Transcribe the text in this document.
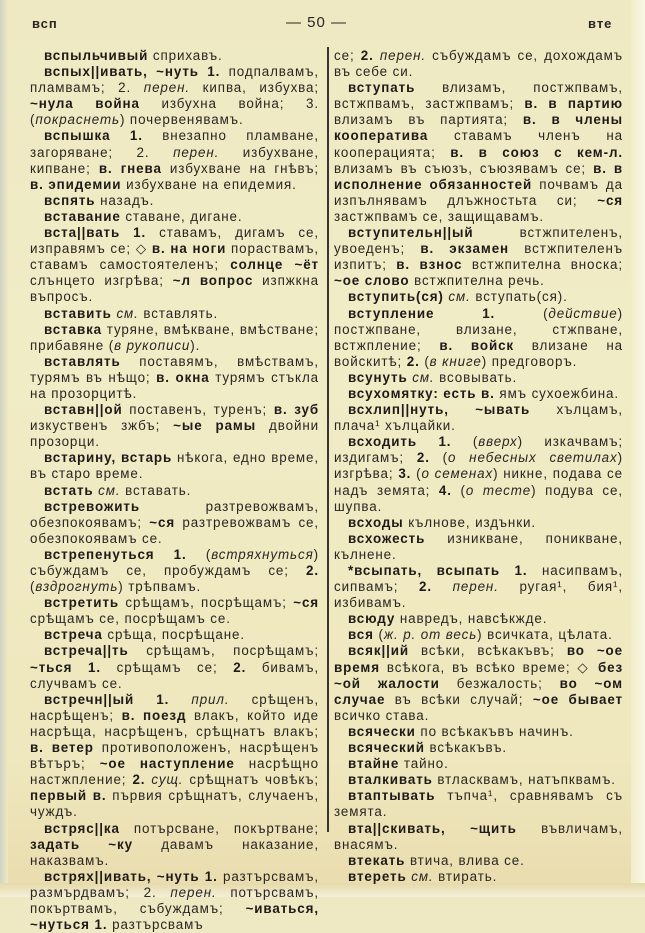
всп	— 50 —	вте

вспыльчивый сприхавъ.

вспых||ивать, ~нуть 1. подпалвамъ, пламвамъ; 2. перен. кипва, избухва; ~нула война избухна война; 3. (покраснеть) почервенявамъ.

вспышка 1. внезапно пламване, загоряване; 2. перен. избухване, кипване; в. гнева избухване на гнѣвъ; в. эпидемии избухване на епидемия.

вспять назадъ.

вставание ставане, дигане.

вста||вать 1. ставамъ, дигамъ се, изправямъ се; ◇ в. на ноги пораствамъ, ставамъ самостоятеленъ; солнце ~ёт слънцето изгрѣва; ~л вопрос изпжкна въпросъ.

вставить см. вставлять.

вставка туряне, вмѣкване, вмѣстване; прибавяне (в рукописи).

вставлять поставямъ, вмѣствамъ, турямъ въ нѣщо; в. окна турямъ стъкла на прозорцитѣ.

вставн||ой поставенъ, туренъ; в. зуб изкуственъ зжбъ; ~ые рамы двойни прозорци.

встарину, встарь нѣкога, едно време, въ старо време.

встать см. вставать.

встревожить	разтревожвамъ, обезпокоявамъ; ~ся разтревожвамъ се, обезпокоявамъ се.

встрепенуться 1. (встряхнуться) събуждамъ се, пробуждамъ се; 2. (вздрогнуть) трѣпвамъ.

встретить срѣщамъ, посрѣщамъ; ~ся срѣщамъ се, посрѣщамъ се.

встреча срѣща, посрѣщане.

встреча||ть срѣщамъ, посрѣщамъ; ~ться 1. срѣщамъ се; 2. бивамъ, случвамъ се.

встречн||ый 1. прил. срѣщенъ, насрѣщенъ; в. поезд влакъ, който иде насрѣща, насрѣщенъ, срѣщнатъ влакъ; в. ветер противоположенъ, насрѣщенъ вѣтъръ; ~ое наступление насрѣщно настжпление; 2. сущ. срѣщнатъ човѣкъ; первый в. първия срѣщнатъ, случаенъ, чуждъ.

встряс||ка потърсване, покъртване; задать ~ку давамъ наказание, наказвамъ.

встрях||ивать, ~нуть 1. разтърсвамъ, размърдвамъ; 2. перен. потърсвамъ, покъртвамъ, събуждамъ; ~иваться, ~нуться 1. разтърсвамъ

се; 2. перен. събуждамъ се, дохождамъ въ себе си.

вступать влизамъ, постжпвамъ, встжпвамъ, застжпвамъ; в. в партию влизамъ въ партията; в. в члены кооператива ставамъ членъ на кооперацията; в. в союз с кем-л. влизамъ въ съюзъ, съюзявамъ се; в. в исполнение обязанностей почвамъ да изпълнявамъ длъжностьта си; ~ся застжпвамъ се, защищавамъ.

вступительн||ый	встжпителенъ, увоеденъ; в. экзамен встжпителенъ изпитъ; в. взнос встжпителна вноска; ~ое слово встжпителна речь.

вступить(ся) см. вступать(ся).

вступление 1.	(действие) постжпване, влизане, стжпване, встжпление; в. войск влизане на войскитѣ; 2. (в книге) предговоръ.

всунуть см. всовывать.

всухомятку: есть в. ямъ сухоежбина.

всхлип||нуть, ~ывать хълцамъ, плача¹ хълцайки.

всходить 1. (вверх) изкачвамъ; издигамъ; 2. (о небесных светилах) изгрѣва; 3. (о семенах) никне, подава се надъ земята; 4. (о тесте) подува се, шупва.

всходы кълнове, издънки.

всхожесть изникване, поникване, кълнене.

*всыпать, всыпать 1. насипвамъ, сипвамъ; 2. перен. ругая¹, бия¹, избивамъ.

всюду навредъ, навсѣкжде.

вся (ж. р. от весь) всичката, цѣлата.

всяк||ий всѣки, всѣкакъвъ; во ~ое время всѣкога, въ всѣко време; ◇ без ~ой жалости безжалость; во ~ом случае въ всѣки случай; ~ое бывает всичко става.

всячески по всѣкакъвъ начинъ.

всяческий всѣкакъвъ.

втайне тайно.

вталкивать втласквамъ, натъпквамъ.

втаптывать тъпча¹, сравнявамъ съ земята.

вта||скивать, ~щить въвличамъ, внасямъ.

втекать втича, влива се.

втереть см. втирать.
